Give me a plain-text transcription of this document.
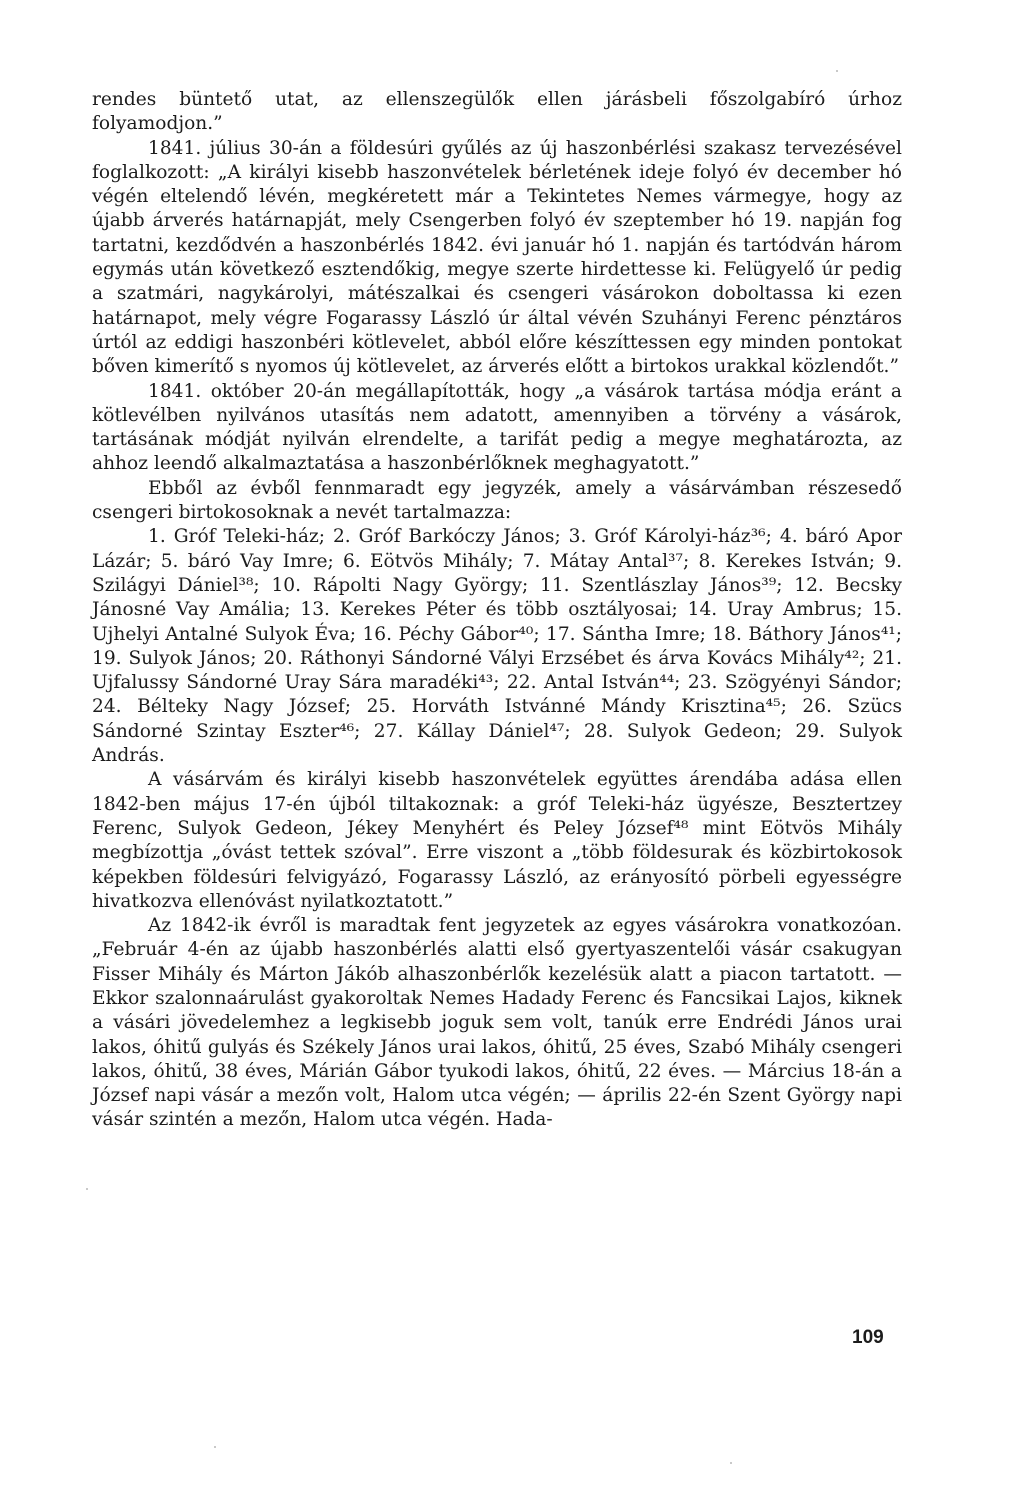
rendes büntető utat, az ellenszegülők ellen járásbeli főszolgabíró úrhoz folyamodjon.”

1841. július 30-án a földesúri gyűlés az új haszonbérlési szakasz tervezésével foglalkozott: „A királyi kisebb haszonvételek bérletének ideje folyó év december hó végén eltelendő lévén, megkéretett már a Tekintetes Nemes vármegye, hogy az újabb árverés határnapját, mely Csengerben folyó év szeptember hó 19. napján fog tartatni, kezdődvén a haszonbérlés 1842. évi január hó 1. napján és tartódván három egymás után következő esztendőkig, megye szerte hirdettesse ki. Felügyelő úr pedig a szatmári, nagykárolyi, mátészalkai és csengeri vásárokon doboltassa ki ezen határnapot, mely végre Fogarassy László úr által vévén Szuhányi Ferenc pénztáros úrtól az eddigi haszonbéri kötlevelet, abból előre készíttessen egy minden pontokat bőven kimerítő s nyomos új kötlevelet, az árverés előtt a birtokos urakkal közlendőt.”

1841. október 20-án megállapították, hogy „a vásárok tartása módja eránt a kötlevélben nyilvános utasítás nem adatott, amennyiben a törvény a vásárok, tartásának módját nyilván elrendelte, a tarifát pedig a megye meghatározta, az ahhoz leendő alkalmaztatása a haszonbérlőknek meghagyatott.”

Ebből az évből fennmaradt egy jegyzék, amely a vásárvámban részesedő csengeri birtokosoknak a nevét tartalmazza:

1. Gróf Teleki-ház; 2. Gróf Barkóczy János; 3. Gróf Károlyi-ház³⁶; 4. báró Apor Lázár; 5. báró Vay Imre; 6. Eötvös Mihály; 7. Mátay Antal³⁷; 8. Kerekes István; 9. Szilágyi Dániel³⁸; 10. Rápolti Nagy György; 11. Szentlászlay János³⁹; 12. Becsky Jánosné Vay Amália; 13. Kerekes Péter és több osztályosai; 14. Uray Ambrus; 15. Ujhelyi Antalné Sulyok Éva; 16. Péchy Gábor⁴⁰; 17. Sántha Imre; 18. Báthory János⁴¹; 19. Sulyok János; 20. Ráthonyi Sándorné Vályi Erzsébet és árva Kovács Mihály⁴²; 21. Ujfalussy Sándorné Uray Sára maradéki⁴³; 22. Antal István⁴⁴; 23. Szögyényi Sándor; 24. Bélteky Nagy József; 25. Horváth Istvánné Mándy Krisztina⁴⁵; 26. Szücs Sándorné Szintay Eszter⁴⁶; 27. Kállay Dániel⁴⁷; 28. Sulyok Gedeon; 29. Sulyok András.

A vásárvám és királyi kisebb haszonvételek együttes árendába adása ellen 1842-ben május 17-én újból tiltakoznak: a gróf Teleki-ház ügyésze, Besztertzey Ferenc, Sulyok Gedeon, Jékey Menyhért és Peley József⁴⁸ mint Eötvös Mihály megbízottja „óvást tettek szóval”. Erre viszont a „több földesurak és közbirtokosok képekben földesúri felvigyázó, Fogarassy László, az erányosító pörbeli egyességre hivatkozva ellenóvást nyilatkoztatott.”

Az 1842-ik évről is maradtak fent jegyzetek az egyes vásárokra vonatkozóan. „Február 4-én az újabb haszonbérlés alatti első gyertyaszentelői vásár csakugyan Fisser Mihály és Márton Jákób alhaszonbérlők kezelésük alatt a piacon tartatott. — Ekkor szalonnaárulást gyakoroltak Nemes Hadady Ferenc és Fancsikai Lajos, kiknek a vásári jövedelemhez a legkisebb joguk sem volt, tanúk erre Endrédi János urai lakos, óhitű gulyás és Székely János urai lakos, óhitű, 25 éves, Szabó Mihály csengeri lakos, óhitű, 38 éves, Márián Gábor tyukodi lakos, óhitű, 22 éves. — Március 18-án a József napi vásár a mezőn volt, Halom utca végén; — április 22-én Szent György napi vásár szintén a mezőn, Halom utca végén. Hada-

109
